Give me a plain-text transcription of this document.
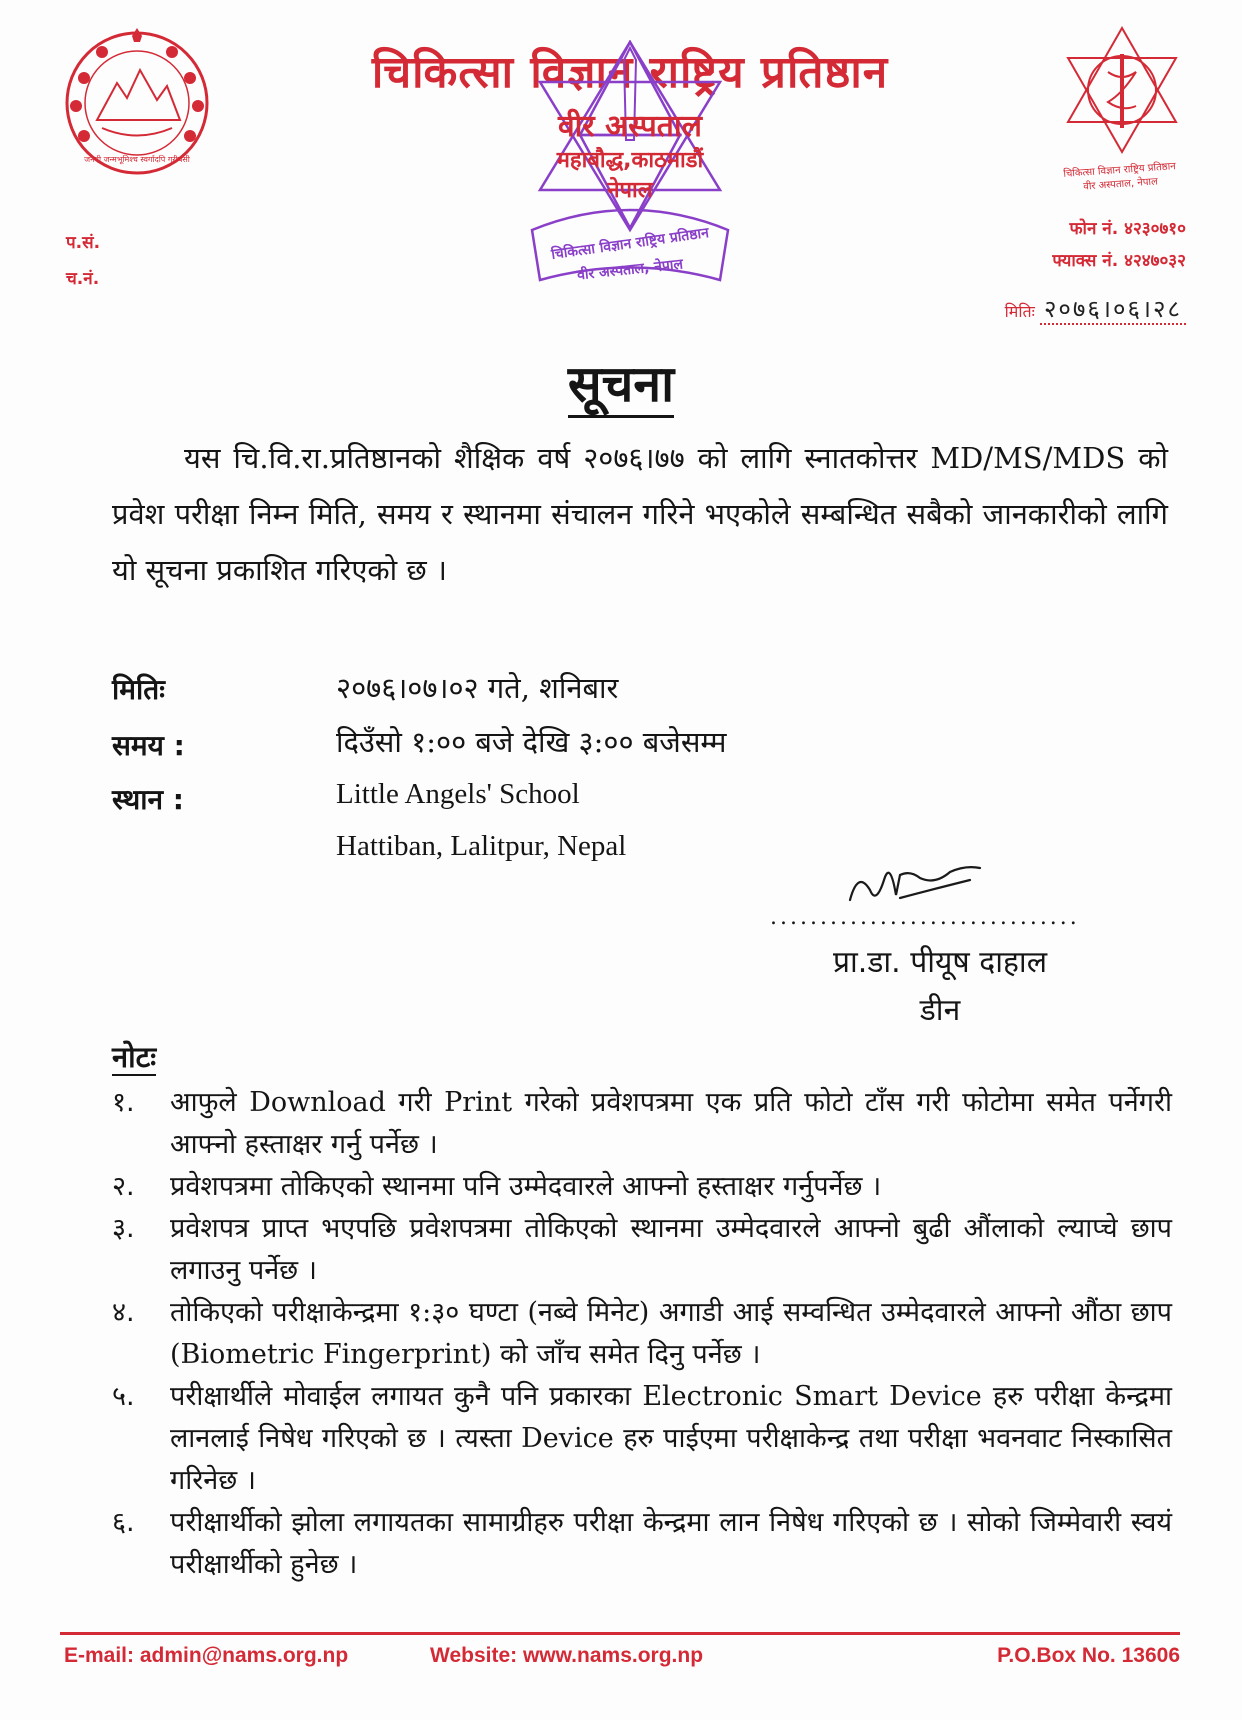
जननी जन्मभूमिश्च स्वर्गादपि गरीयसी
चिकित्सा विज्ञान राष्ट्रिय प्रतिष्ठान
वीर अस्पताल
महाबौद्ध,काठमाडौं
नेपाल
चिकित्सा विज्ञान राष्ट्रिय प्रतिष्ठान
वीर अस्पताल, नेपाल
चिकित्सा विज्ञान राष्ट्रिय प्रतिष्ठान
वीर अस्पताल, नेपाल
प.सं.
च.नं.
फोन नं. ४२३०७१०
फ्याक्स नं. ४२४७०३२
मितिः २०७६।०६।२८
सूचना
यस चि.वि.रा.प्रतिष्ठानको शैक्षिक वर्ष २०७६।७७ को लागि स्नातकोत्तर MD/MS/MDS को प्रवेश परीक्षा निम्न मिति, समय र स्थानमा संचालन गरिने भएकोले सम्बन्धित सबैको जानकारीको लागि यो सूचना प्रकाशित गरिएको छ ।
मितिः	२०७६।०७।०२ गते, शनिबार
समय :	दिउँसो १:०० बजे देखि ३:०० बजेसम्म
स्थान :	Little Angels' School
Hattiban, Lalitpur, Nepal
...............................
प्रा.डा. पीयूष दाहाल
डीन
नोटः
१. आफुले Download गरी Print गरेको प्रवेशपत्रमा एक प्रति फोटो टाँस गरी फोटोमा समेत पर्नेगरी आफ्नो हस्ताक्षर गर्नु पर्नेछ ।
२. प्रवेशपत्रमा तोकिएको स्थानमा पनि उम्मेदवारले आफ्नो हस्ताक्षर गर्नुपर्नेछ ।
३. प्रवेशपत्र प्राप्त भएपछि प्रवेशपत्रमा तोकिएको स्थानमा उम्मेदवारले आफ्नो बुढी औंलाको ल्याप्चे छाप लगाउनु पर्नेछ ।
४. तोकिएको परीक्षाकेन्द्रमा १:३० घण्टा (नब्वे मिनेट) अगाडी आई सम्वन्धित उम्मेदवारले आफ्नो औंठा छाप (Biometric Fingerprint) को जाँच समेत दिनु पर्नेछ ।
५. परीक्षार्थीले मोवाईल लगायत कुनै पनि प्रकारका Electronic Smart Device हरु परीक्षा केन्द्रमा लानलाई निषेध गरिएको छ । त्यस्ता Device हरु पाईएमा परीक्षाकेन्द्र तथा परीक्षा भवनवाट निस्कासित गरिनेछ ।
६. परीक्षार्थीको झोला लगायतका सामाग्रीहरु परीक्षा केन्द्रमा लान निषेध गरिएको छ । सोको जिम्मेवारी स्वयं परीक्षार्थीको हुनेछ ।
E-mail: admin@nams.org.np	Website: www.nams.org.np	P.O.Box No. 13606
